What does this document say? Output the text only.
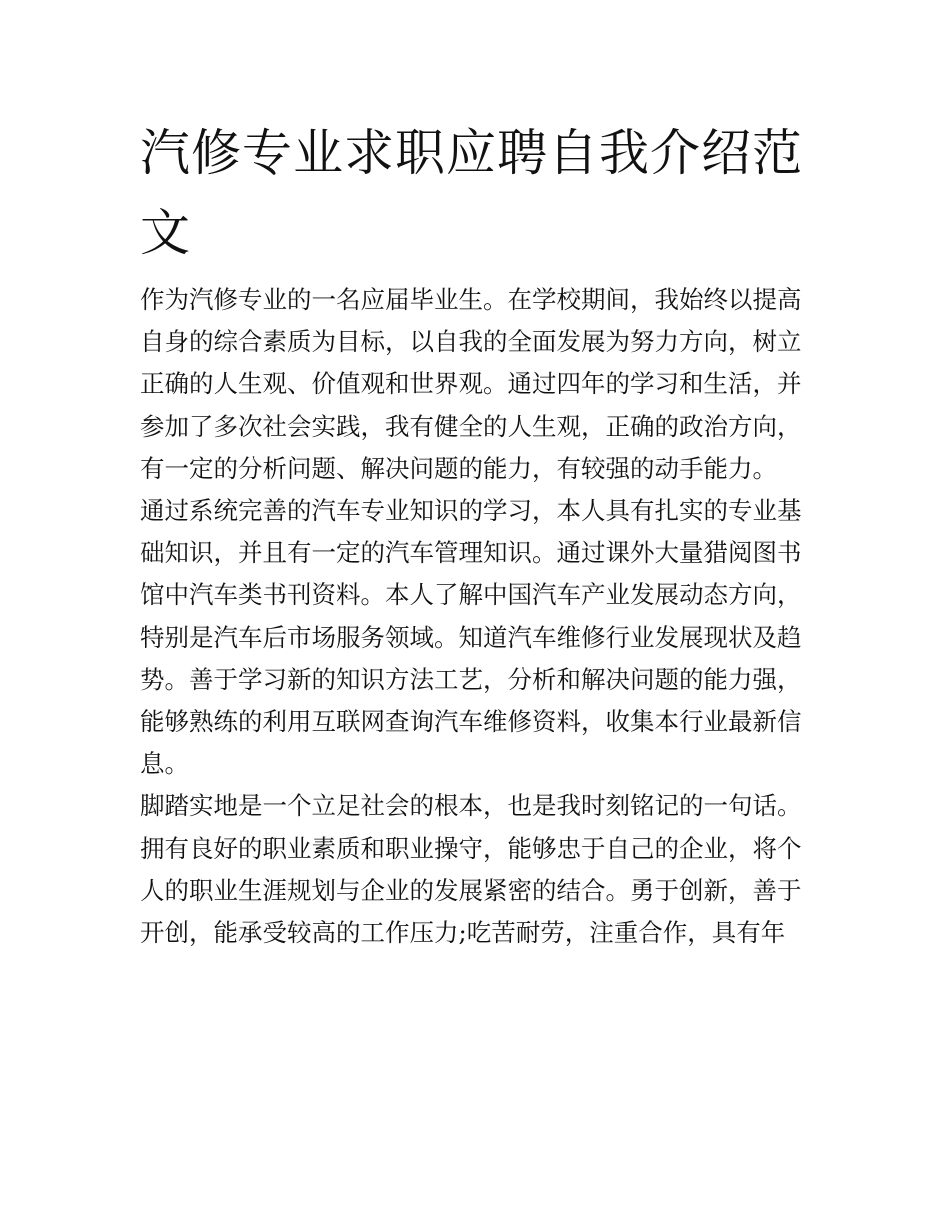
汽修专业求职应聘自我介绍范文

作为汽修专业的一名应届毕业生。在学校期间，我始终以提高自身的综合素质为目标，以自我的全面发展为努力方向，树立正确的人生观、价值观和世界观。通过四年的学习和生活，并参加了多次社会实践，我有健全的人生观，正确的政治方向，有一定的分析问题、解决问题的能力，有较强的动手能力。

通过系统完善的汽车专业知识的学习，本人具有扎实的专业基础知识，并且有一定的汽车管理知识。通过课外大量猎阅图书馆中汽车类书刊资料。本人了解中国汽车产业发展动态方向，特别是汽车后市场服务领域。知道汽车维修行业发展现状及趋势。善于学习新的知识方法工艺，分析和解决问题的能力强，能够熟练的利用互联网查询汽车维修资料，收集本行业最新信息。

脚踏实地是一个立足社会的根本，也是我时刻铭记的一句话。拥有良好的职业素质和职业操守，能够忠于自己的企业，将个人的职业生涯规划与企业的发展紧密的结合。勇于创新，善于开创，能承受较高的工作压力;吃苦耐劳，注重合作，具有年
